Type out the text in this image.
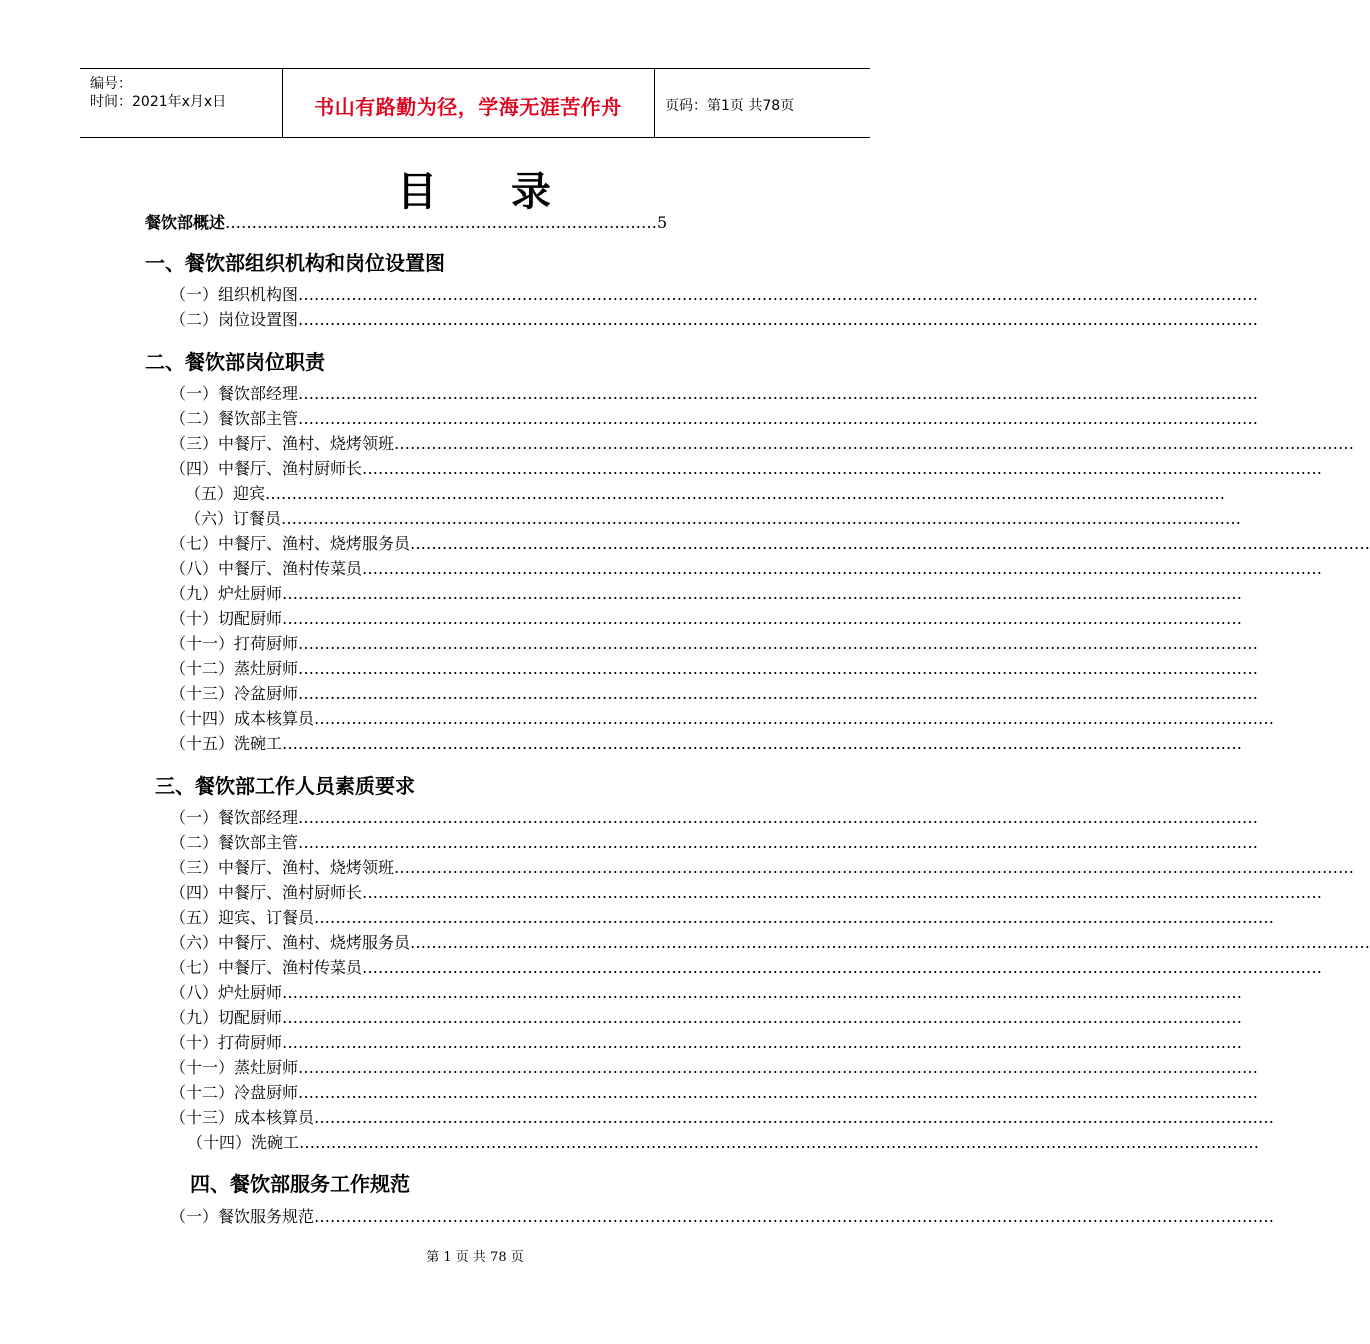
编号：
时间：2021年x月x日	书山有路勤为径，学海无涯苦作舟	页码：第1页 共78页
目 录
餐饮部概述………………………………………………………………………5
一、餐饮部组织机构和岗位设置图
（一）组织机构图………………………………………………………………………………………………………………………………………………………………
（二）岗位设置图………………………………………………………………………………………………………………………………………………………………
二、餐饮部岗位职责
（一）餐饮部经理………………………………………………………………………………………………………………………………………………………………
（二）餐饮部主管………………………………………………………………………………………………………………………………………………………………
（三）中餐厅、渔村、烧烤领班………………………………………………………………………………………………………………………………………………………………
（四）中餐厅、渔村厨师长………………………………………………………………………………………………………………………………………………………………
（五）迎宾………………………………………………………………………………………………………………………………………………………………
（六）订餐员………………………………………………………………………………………………………………………………………………………………
（七）中餐厅、渔村、烧烤服务员………………………………………………………………………………………………………………………………………………………………
（八）中餐厅、渔村传菜员………………………………………………………………………………………………………………………………………………………………
（九）炉灶厨师………………………………………………………………………………………………………………………………………………………………
（十）切配厨师………………………………………………………………………………………………………………………………………………………………
（十一）打荷厨师………………………………………………………………………………………………………………………………………………………………
（十二）蒸灶厨师………………………………………………………………………………………………………………………………………………………………
（十三）冷盆厨师………………………………………………………………………………………………………………………………………………………………
（十四）成本核算员………………………………………………………………………………………………………………………………………………………………
（十五）洗碗工………………………………………………………………………………………………………………………………………………………………
三、餐饮部工作人员素质要求
（一）餐饮部经理………………………………………………………………………………………………………………………………………………………………
（二）餐饮部主管………………………………………………………………………………………………………………………………………………………………
（三）中餐厅、渔村、烧烤领班………………………………………………………………………………………………………………………………………………………………
（四）中餐厅、渔村厨师长………………………………………………………………………………………………………………………………………………………………
（五）迎宾、订餐员………………………………………………………………………………………………………………………………………………………………
（六）中餐厅、渔村、烧烤服务员………………………………………………………………………………………………………………………………………………………………
（七）中餐厅、渔村传菜员………………………………………………………………………………………………………………………………………………………………
（八）炉灶厨师………………………………………………………………………………………………………………………………………………………………
（九）切配厨师………………………………………………………………………………………………………………………………………………………………
（十）打荷厨师………………………………………………………………………………………………………………………………………………………………
（十一）蒸灶厨师………………………………………………………………………………………………………………………………………………………………
（十二）冷盘厨师………………………………………………………………………………………………………………………………………………………………
（十三）成本核算员………………………………………………………………………………………………………………………………………………………………
（十四）洗碗工………………………………………………………………………………………………………………………………………………………………
四、餐饮部服务工作规范
（一）餐饮服务规范………………………………………………………………………………………………………………………………………………………………
第 1 页 共 78 页
